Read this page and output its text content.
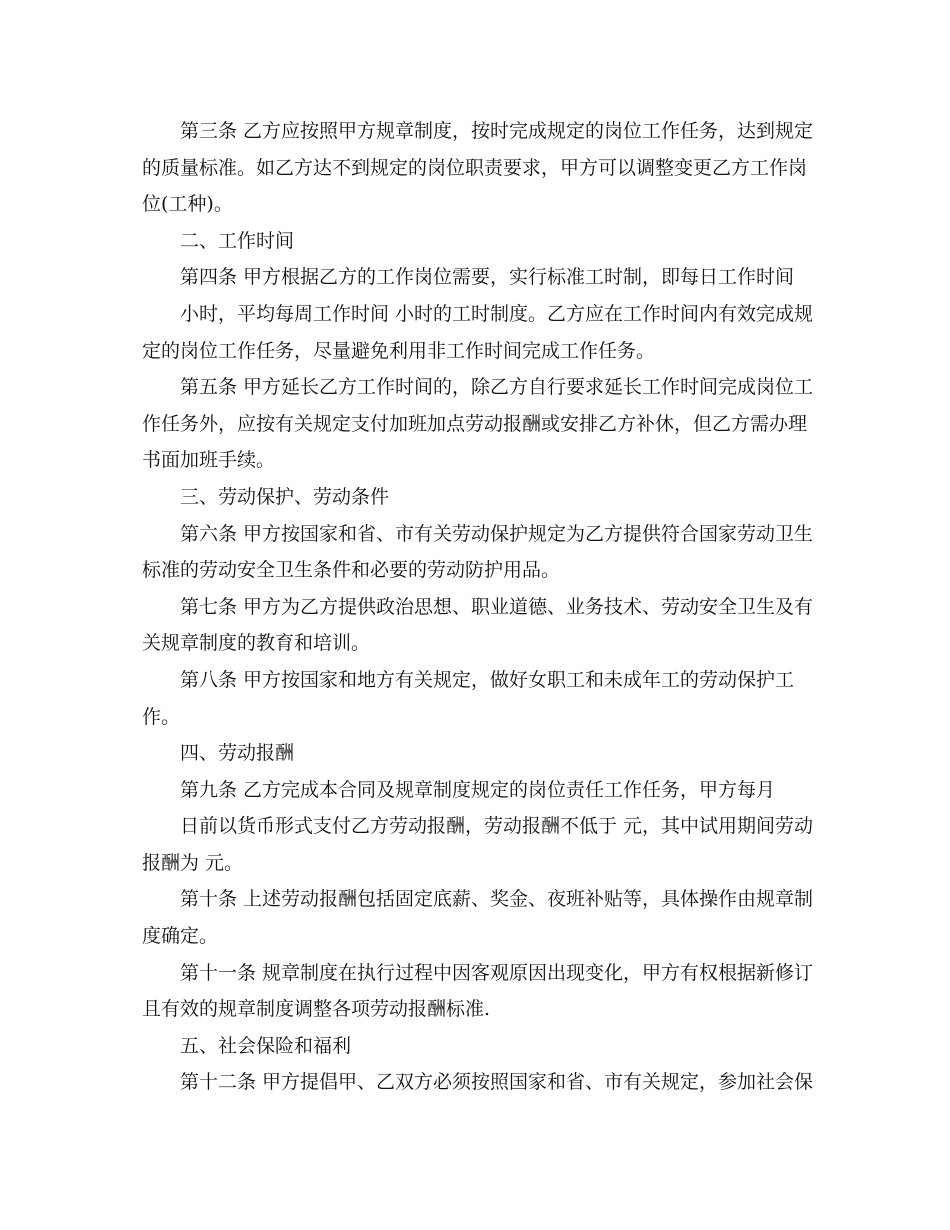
第三条 乙方应按照甲方规章制度，按时完成规定的岗位工作任务，达到规定
的质量标准。如乙方达不到规定的岗位职责要求，甲方可以调整变更乙方工作岗
位(工种)。
二、工作时间
第四条 甲方根据乙方的工作岗位需要，实行标准工时制，即每日工作时间
小时，平均每周工作时间 小时的工时制度。乙方应在工作时间内有效完成规
定的岗位工作任务，尽量避免利用非工作时间完成工作任务。
第五条 甲方延长乙方工作时间的，除乙方自行要求延长工作时间完成岗位工
作任务外，应按有关规定支付加班加点劳动报酬或安排乙方补休，但乙方需办理
书面加班手续。
三、劳动保护、劳动条件
第六条 甲方按国家和省、市有关劳动保护规定为乙方提供符合国家劳动卫生
标准的劳动安全卫生条件和必要的劳动防护用品。
第七条 甲方为乙方提供政治思想、职业道德、业务技术、劳动安全卫生及有
关规章制度的教育和培训。
第八条 甲方按国家和地方有关规定，做好女职工和未成年工的劳动保护工
作。
四、劳动报酬
第九条 乙方完成本合同及规章制度规定的岗位责任工作任务，甲方每月
日前以货币形式支付乙方劳动报酬，劳动报酬不低于 元，其中试用期间劳动
报酬为 元。
第十条 上述劳动报酬包括固定底薪、奖金、夜班补贴等，具体操作由规章制
度确定。
第十一条 规章制度在执行过程中因客观原因出现变化，甲方有权根据新修订
且有效的规章制度调整各项劳动报酬标准.
五、社会保险和福利
第十二条 甲方提倡甲、乙双方必须按照国家和省、市有关规定，参加社会保
